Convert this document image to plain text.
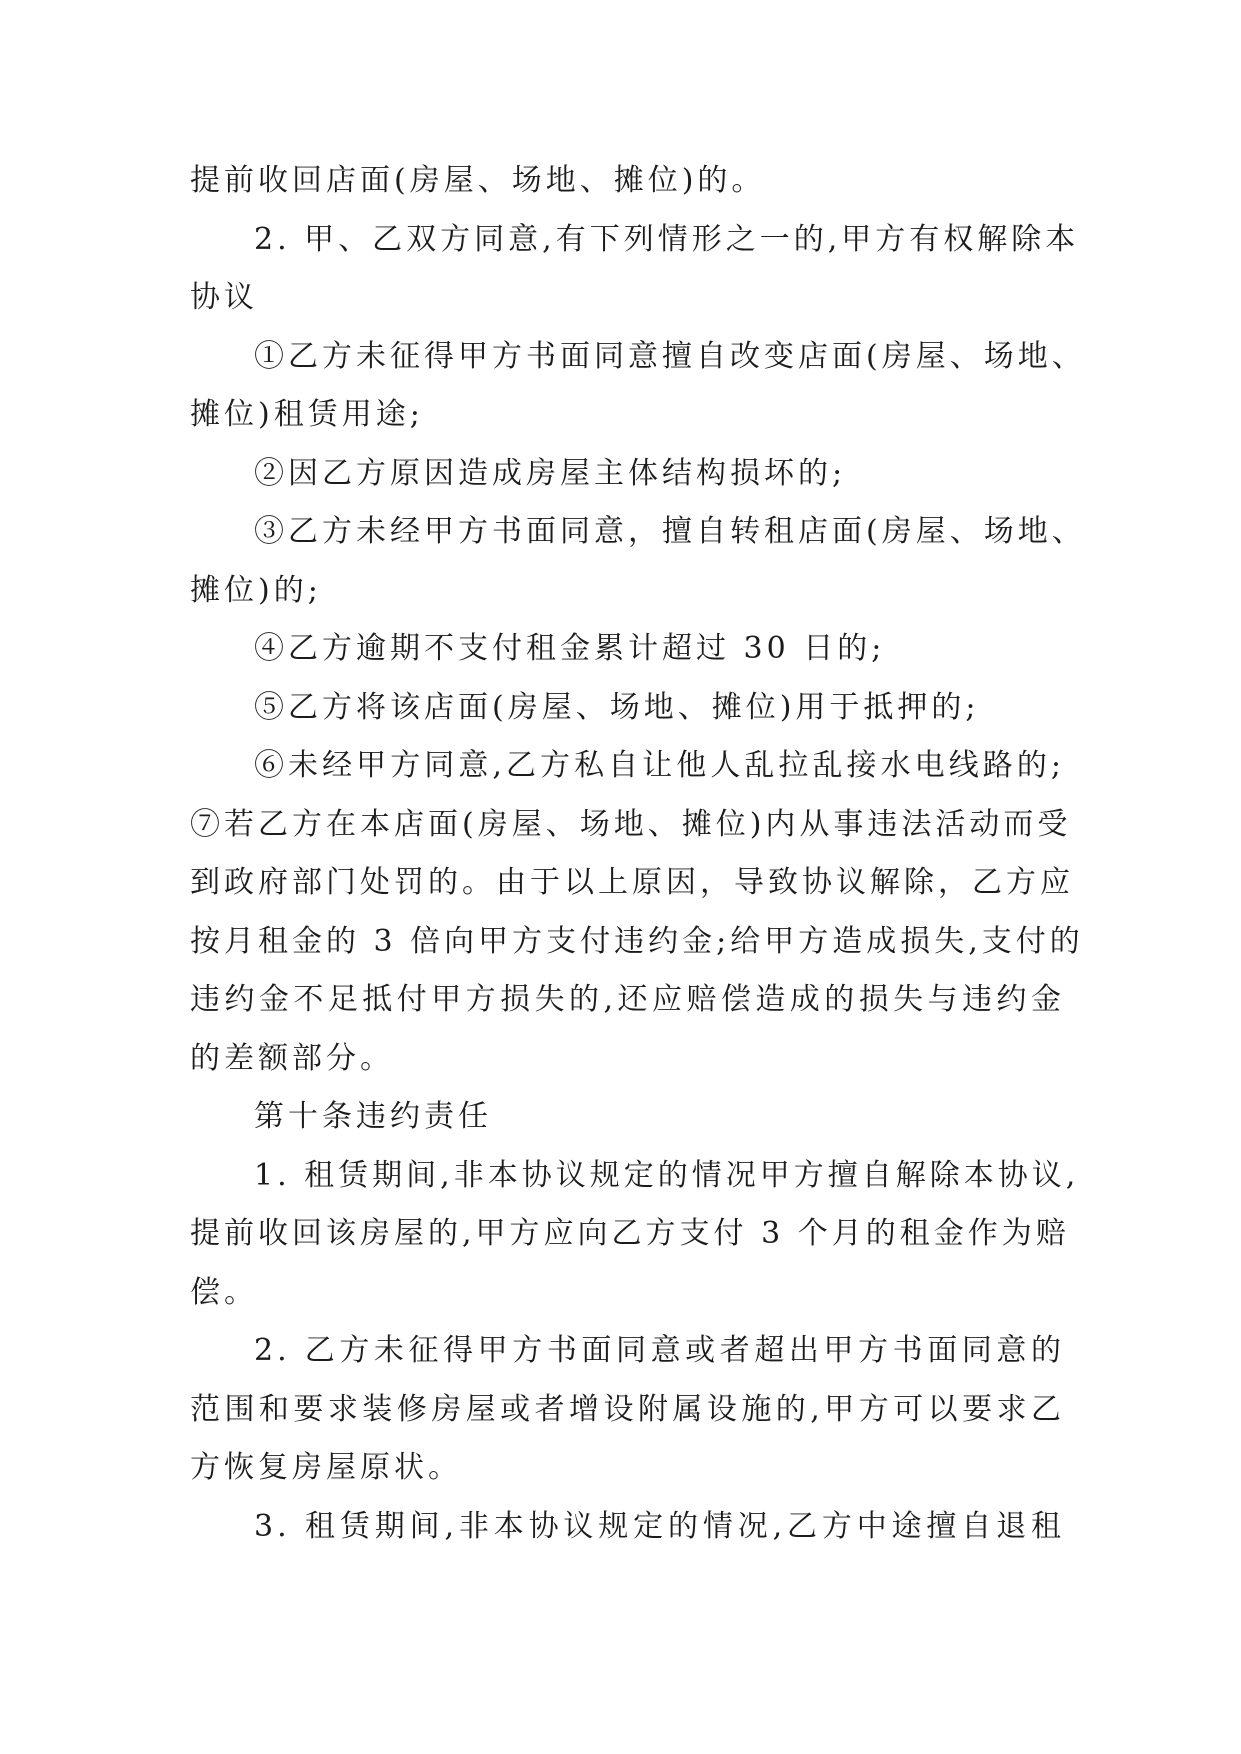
提前收回店面(房屋、场地、摊位)的。
2. 甲、乙双方同意,有下列情形之一的,甲方有权解除本
协议
①乙方未征得甲方书面同意擅自改变店面(房屋、场地、
摊位)租赁用途;
②因乙方原因造成房屋主体结构损坏的;
③乙方未经甲方书面同意，擅自转租店面(房屋、场地、
摊位)的;
④乙方逾期不支付租金累计超过 30 日的;
⑤乙方将该店面(房屋、场地、摊位)用于抵押的;
⑥未经甲方同意,乙方私自让他人乱拉乱接水电线路的;
⑦若乙方在本店面(房屋、场地、摊位)内从事违法活动而受
到政府部门处罚的。由于以上原因，导致协议解除，乙方应
按月租金的 3 倍向甲方支付违约金;给甲方造成损失,支付的
违约金不足抵付甲方损失的,还应赔偿造成的损失与违约金
的差额部分。
第十条违约责任
1. 租赁期间,非本协议规定的情况甲方擅自解除本协议,
提前收回该房屋的,甲方应向乙方支付 3 个月的租金作为赔
偿。
2. 乙方未征得甲方书面同意或者超出甲方书面同意的
范围和要求装修房屋或者增设附属设施的,甲方可以要求乙
方恢复房屋原状。
3. 租赁期间,非本协议规定的情况,乙方中途擅自退租
